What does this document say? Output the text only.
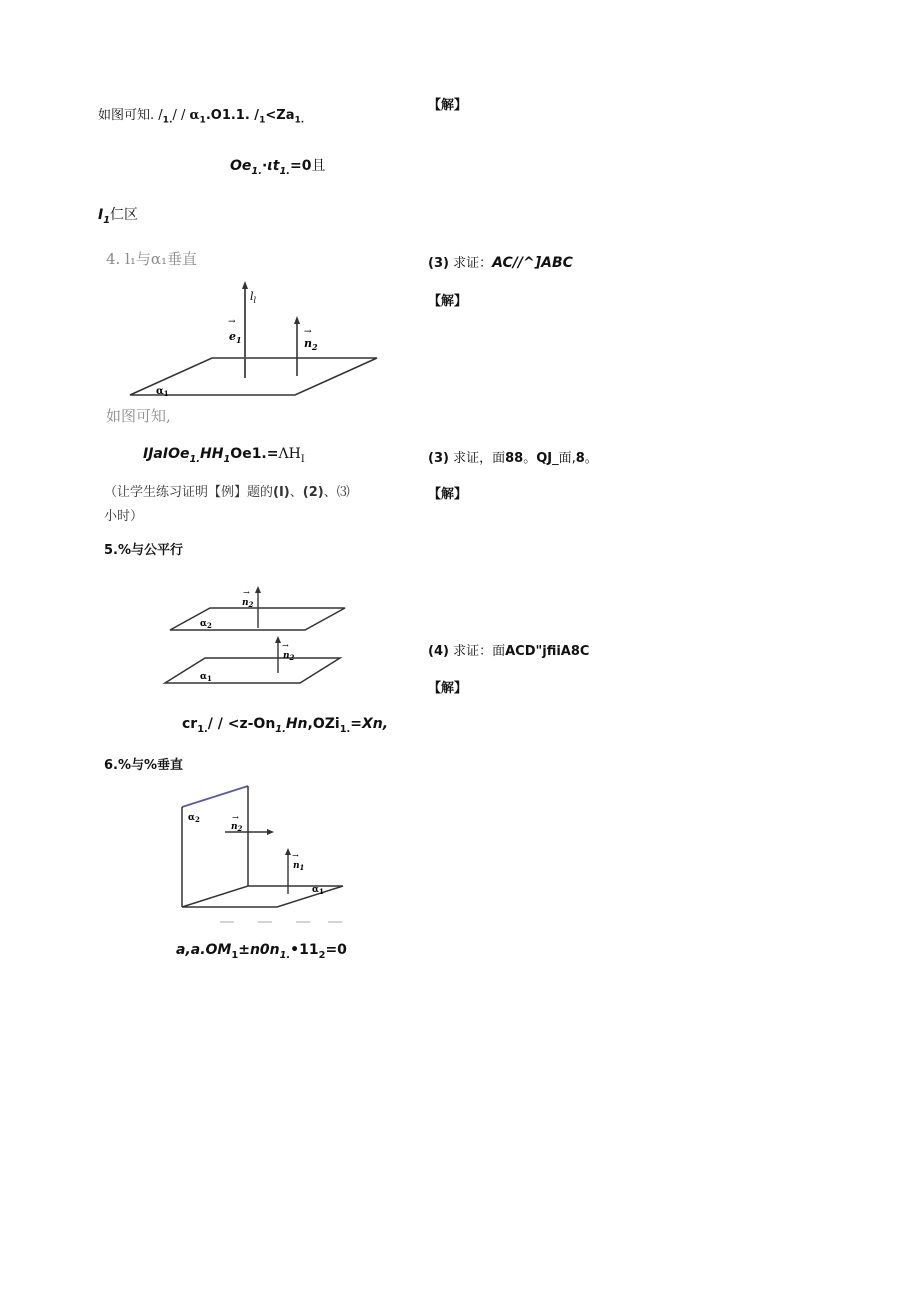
如图可知. $/_{1.}/ / \alpha_1.O1.1$. $/_1<Za_{1.}$
$Oe_{1.}\cdot\iota t_{1.}=0$且
$I_1$仁区
4. l₁与α₁垂直
$l_l$
→
$e_1$
→
$n_2$
$\alpha_1$
如图可知,
$IJaIOe_{1.}HH_1Oe1.=\Lambda H_I$
（让学生练习证明【例】题的(I)、(2)、⑶
小时）
5.%与公平行
→
$n_2$
$\alpha_2$
→
$n_2$
$\alpha_1$
$cr_{1.}/ / <z-On_{1.}Hn,OZi_{1.}=Xn$,
6.%与%垂直
$\alpha_2$	→
$n_2$
→
$n_1$
$\alpha_1$
$a,a.OM_1\pm n0n_{1.}•11_2=0$
【解】
(3) 求证：AC//^]ABC
【解】
(3) 求证，面88。QJ_面,8。
【解】
(4) 求证：面ACD"jfiiA8C
【解】
